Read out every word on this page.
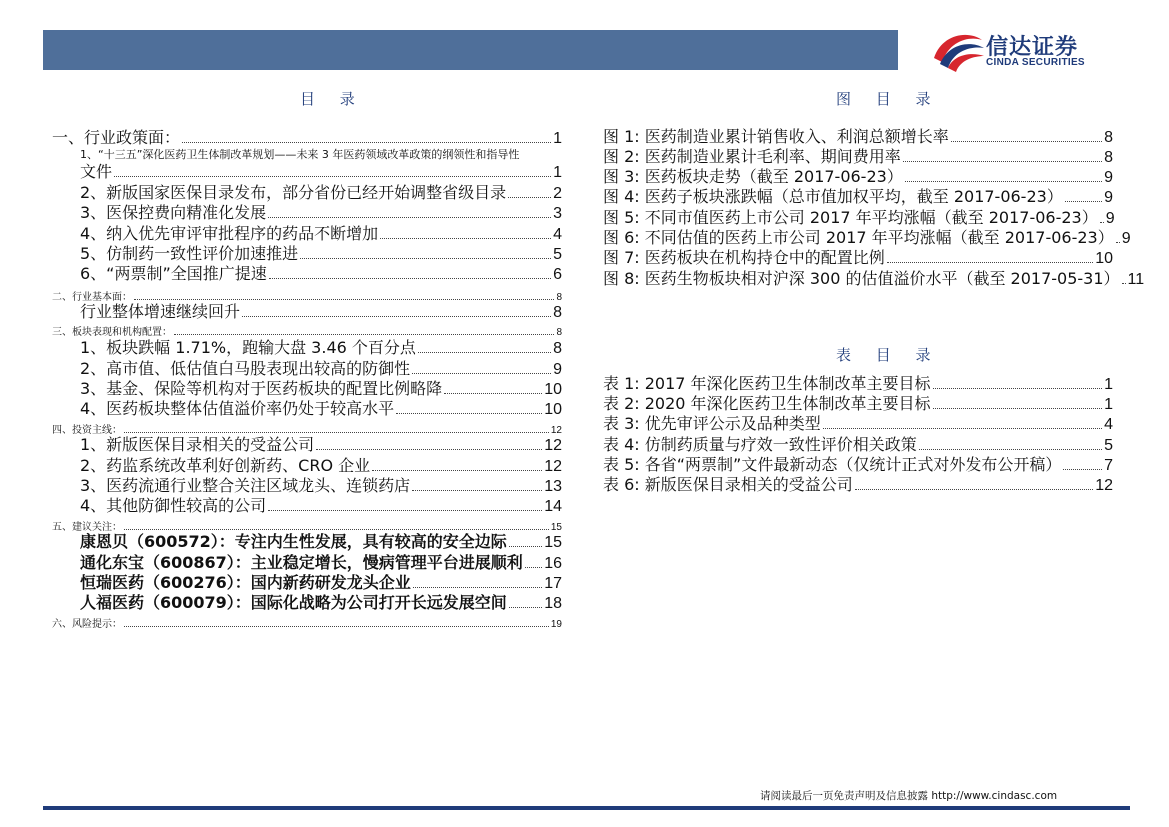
信达证券
CINDA SECURITIES
目 录	图 目 录
表 目 录
一、行业政策面：	1
1、“十三五”深化医药卫生体制改革规划——未来 3 年医药领域改革政策的纲领性和指导性
文件	1
2、新版国家医保目录发布，部分省份已经开始调整省级目录	2
3、医保控费向精准化发展	3
4、纳入优先审评审批程序的药品不断增加	4
5、仿制药一致性评价加速推进	5
6、“两票制”全国推广提速	6
二、行业基本面：	8
行业整体增速继续回升	8
三、板块表现和机构配置：	8
1、板块跌幅 1.71%，跑输大盘 3.46 个百分点	8
2、高市值、低估值白马股表现出较高的防御性	9
3、基金、保险等机构对于医药板块的配置比例略降	10
4、医药板块整体估值溢价率仍处于较高水平	10
四、投资主线：	12
1、新版医保目录相关的受益公司	12
2、药监系统改革利好创新药、CRO 企业	12
3、医药流通行业整合关注区域龙头、连锁药店	13
4、其他防御性较高的公司	14
五、建议关注：	15
康恩贝（600572）：专注内生性发展，具有较高的安全边际 15
通化东宝（600867）：主业稳定增长，慢病管理平台进展顺利 16
恒瑞医药（600276）：国内新药研发龙头企业	17
人福医药（600079）：国际化战略为公司打开长远发展空间 18
六、风险提示：	19
图 1: 医药制造业累计销售收入、利润总额增长率	8
图 2: 医药制造业累计毛利率、期间费用率	8
图 3: 医药板块走势（截至 2017-06-23）	9
图 4: 医药子板块涨跌幅（总市值加权平均，截至 2017-06-23）	9
图 5: 不同市值医药上市公司 2017 年平均涨幅（截至 2017-06-23） 9
图 6: 不同估值的医药上市公司 2017 年平均涨幅（截至 2017-06-23） 9
图 7: 医药板块在机构持仓中的配置比例	10
图 8: 医药生物板块相对沪深 300 的估值溢价水平（截至 2017-05-31） 11
表 1: 2017 年深化医药卫生体制改革主要目标	1
表 2: 2020 年深化医药卫生体制改革主要目标	1
表 3: 优先审评公示及品种类型	4
表 4: 仿制药质量与疗效一致性评价相关政策	5
表 5: 各省“两票制”文件最新动态（仅统计正式对外发布公开稿）	7
表 6: 新版医保目录相关的受益公司	12
请阅读最后一页免责声明及信息披露 http://www.cindasc.com
